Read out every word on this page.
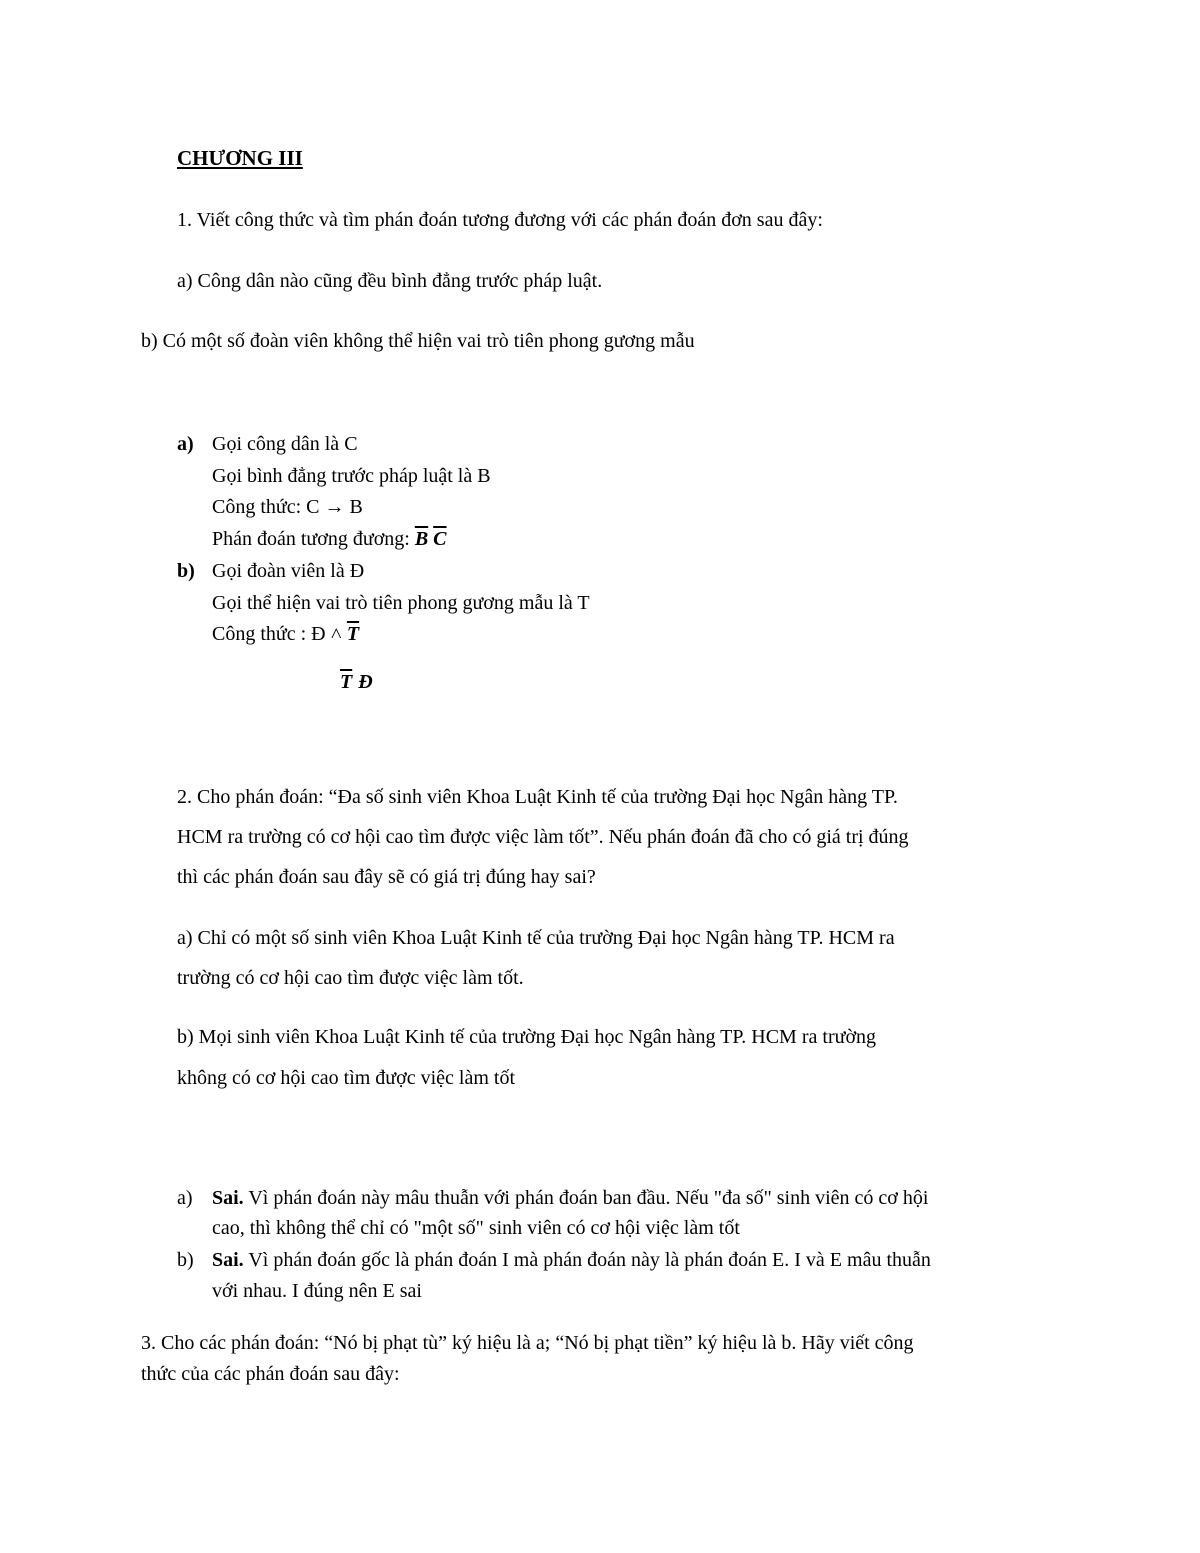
CHƯƠNG III
1. Viết công thức và tìm phán đoán tương đương với các phán đoán đơn sau đây:
a) Công dân nào cũng đều bình đẳng trước pháp luật.
b) Có một số đoàn viên không thể hiện vai trò tiên phong gương mẫu
a) Gọi công dân là C
Gọi bình đẳng trước pháp luật là B
Công thức: C → B
Phán đoán tương đương: $\overline{B}$ $\overline{C}$
b) Gọi đoàn viên là Đ
Gọi thể hiện vai trò tiên phong gương mẫu là T
Công thức : Đ ˄ $\overline{T}$
$\overline{T}$ Đ
2. Cho phán đoán: “Đa số sinh viên Khoa Luật Kinh tế của trường Đại học Ngân hàng TP.
HCM ra trường có cơ hội cao tìm được việc làm tốt”. Nếu phán đoán đã cho có giá trị đúng
thì các phán đoán sau đây sẽ có giá trị đúng hay sai?
a) Chỉ có một số sinh viên Khoa Luật Kinh tế của trường Đại học Ngân hàng TP. HCM ra
trường có cơ hội cao tìm được việc làm tốt.
b) Mọi sinh viên Khoa Luật Kinh tế của trường Đại học Ngân hàng TP. HCM ra trường
không có cơ hội cao tìm được việc làm tốt
a) Sai. Vì phán đoán này mâu thuẫn với phán đoán ban đầu. Nếu "đa số" sinh viên có cơ hội
cao, thì không thể chỉ có "một số" sinh viên có cơ hội việc làm tốt
b) Sai. Vì phán đoán gốc là phán đoán I mà phán đoán này là phán đoán E. I và E mâu thuẫn
với nhau. I đúng nên E sai
3. Cho các phán đoán: “Nó bị phạt tù” ký hiệu là a; “Nó bị phạt tiền” ký hiệu là b. Hãy viết công
thức của các phán đoán sau đây:
